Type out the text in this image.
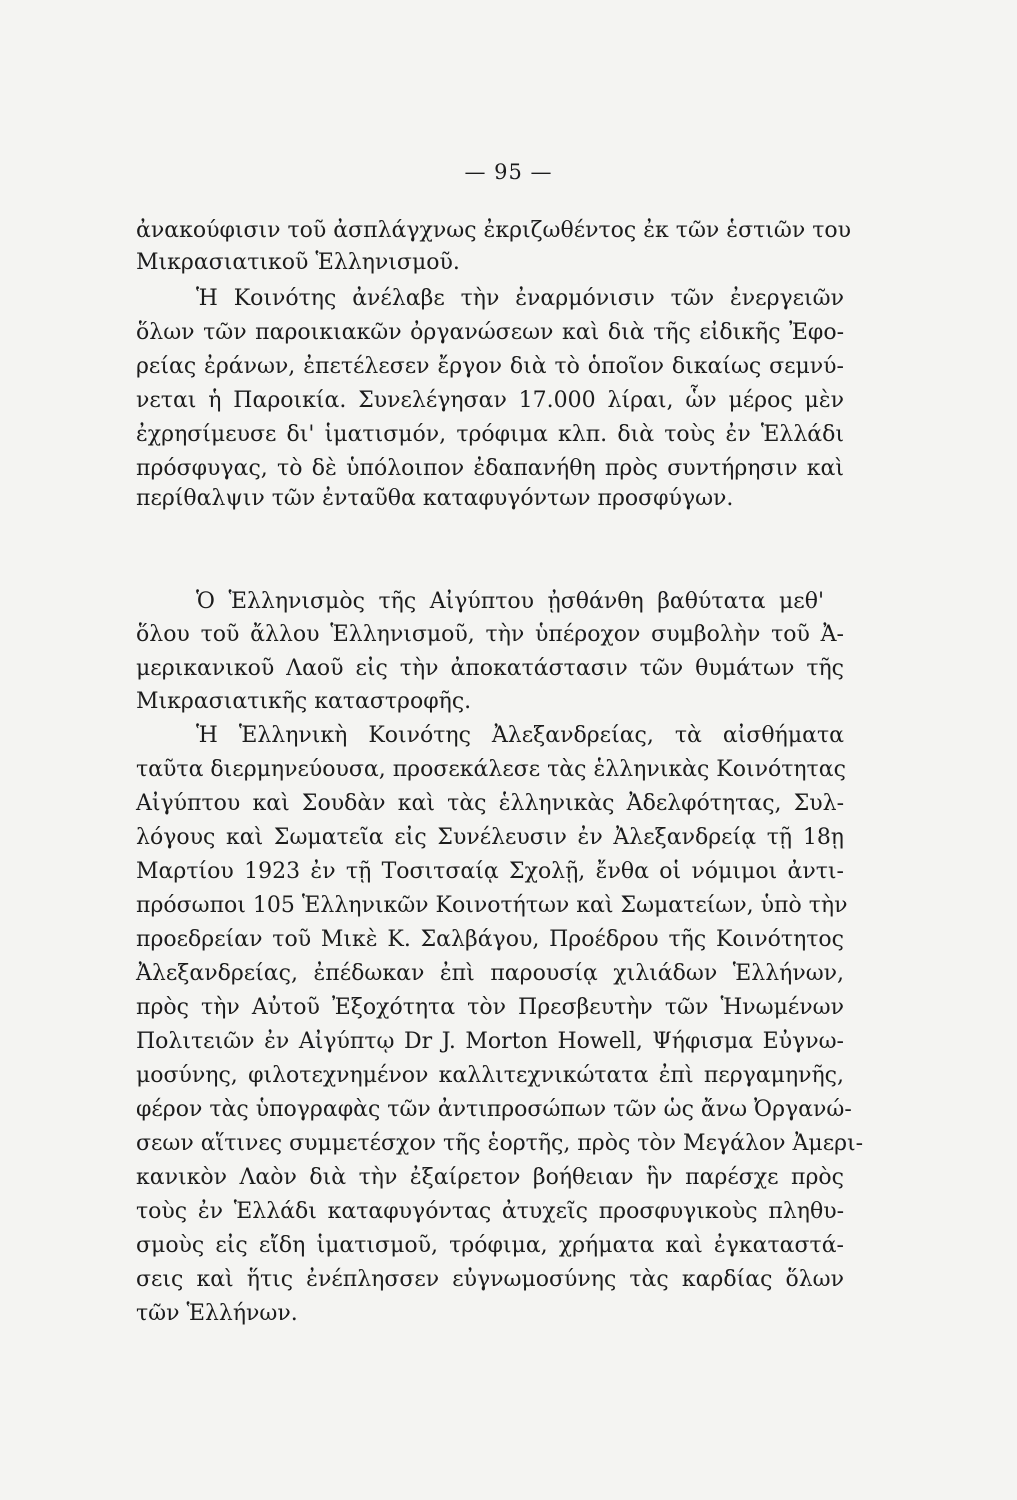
— 95 —
ἀνακούφισιν τοῦ ἀσπλάγχνως ἐκριζωθέντος ἐκ τῶν ἑστιῶν του
Μικρασιατικοῦ Ἑλληνισμοῦ.
Ἡ Κοινότης ἀνέλαβε τὴν ἐναρμόνισιν τῶν ἐνεργειῶν
ὅλων τῶν παροικιακῶν ὀργανώσεων καὶ διὰ τῆς εἰδικῆς Ἐφο-
ρείας ἐράνων, ἐπετέλεσεν ἔργον διὰ τὸ ὁποῖον δικαίως σεμνύ-
νεται ἡ Παροικία. Συνελέγησαν 17.000 λίραι, ὧν μέρος μὲν
ἐχρησίμευσε δι' ἱματισμόν, τρόφιμα κλπ. διὰ τοὺς ἐν Ἑλλάδι
πρόσφυγας, τὸ δὲ ὑπόλοιπον ἐδαπανήθη πρὸς συντήρησιν καὶ
περίθαλψιν τῶν ἐνταῦθα καταφυγόντων προσφύγων.
Ὁ Ἑλληνισμὸς τῆς Αἰγύπτου ᾐσθάνθη βαθύτατα μεθ'
ὅλου τοῦ ἄλλου Ἑλληνισμοῦ, τὴν ὑπέροχον συμβολὴν τοῦ Ἀ-
μερικανικοῦ Λαοῦ εἰς τὴν ἀποκατάστασιν τῶν θυμάτων τῆς
Μικρασιατικῆς καταστροφῆς.
Ἡ Ἑλληνικὴ Κοινότης Ἀλεξανδρείας, τὰ αἰσθήματα
ταῦτα διερμηνεύουσα, προσεκάλεσε τὰς ἑλληνικὰς Κοινότητας
Αἰγύπτου καὶ Σουδὰν καὶ τὰς ἑλληνικὰς Ἀδελφότητας, Συλ-
λόγους καὶ Σωματεῖα εἰς Συνέλευσιν ἐν Ἀλεξανδρείᾳ τῇ 18ῃ
Μαρτίου 1923 ἐν τῇ Τοσιτσαίᾳ Σχολῇ, ἔνθα οἱ νόμιμοι ἀντι-
πρόσωποι 105 Ἑλληνικῶν Κοινοτήτων καὶ Σωματείων, ὑπὸ τὴν
προεδρείαν τοῦ Μικὲ Κ. Σαλβάγου, Προέδρου τῆς Κοινότητος
Ἀλεξανδρείας, ἐπέδωκαν ἐπὶ παρουσίᾳ χιλιάδων Ἑλλήνων,
πρὸς τὴν Αὐτοῦ Ἐξοχότητα τὸν Πρεσβευτὴν τῶν Ἡνωμένων
Πολιτειῶν ἐν Αἰγύπτῳ Dr J. Morton Howell, Ψήφισμα Εὐγνω-
μοσύνης, φιλοτεχνημένον καλλιτεχνικώτατα ἐπὶ περγαμηνῆς,
φέρον τὰς ὑπογραφὰς τῶν ἀντιπροσώπων τῶν ὡς ἄνω Ὀργανώ-
σεων αἵτινες συμμετέσχον τῆς ἑορτῆς, πρὸς τὸν Μεγάλον Ἀμερι-
κανικὸν Λαὸν διὰ τὴν ἐξαίρετον βοήθειαν ἣν παρέσχε πρὸς
τοὺς ἐν Ἑλλάδι καταφυγόντας ἀτυχεῖς προσφυγικοὺς πληθυ-
σμοὺς εἰς εἴδη ἱματισμοῦ, τρόφιμα, χρήματα καὶ ἐγκαταστά-
σεις καὶ ἥτις ἐνέπλησσεν εὐγνωμοσύνης τὰς καρδίας ὅλων
τῶν Ἑλλήνων.
